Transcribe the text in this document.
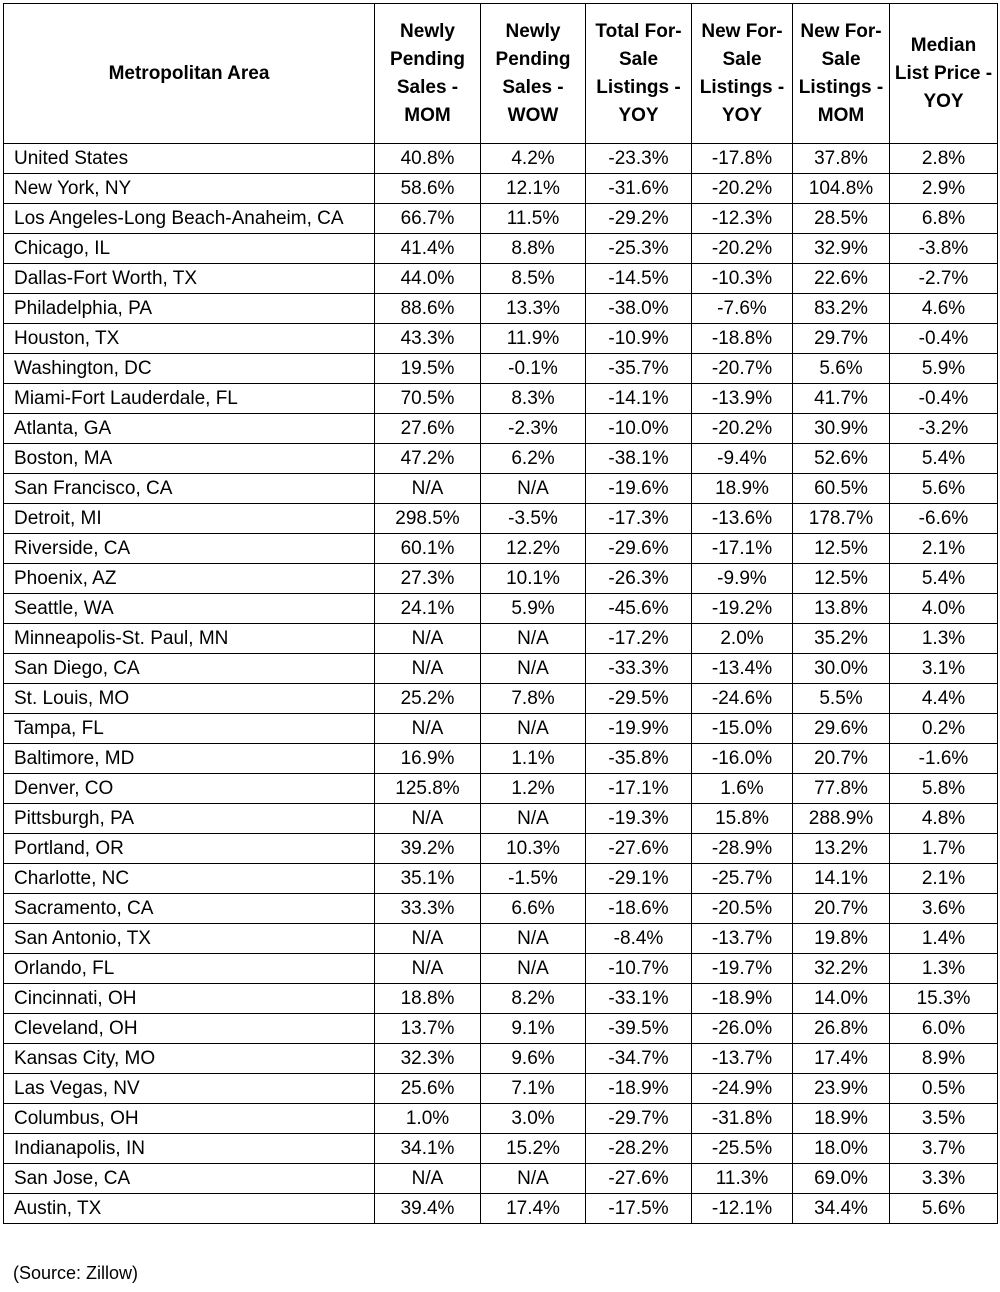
Metropolitan Area	Newly Pending Sales - MOM	Newly Pending Sales - WOW	Total For-Sale Listings - YOY	New For-Sale Listings - YOY	New For-Sale Listings - MOM	Median List Price - YOY
United States	40.8%	4.2%	-23.3%	-17.8%	37.8%	2.8%
New York, NY	58.6%	12.1%	-31.6%	-20.2%	104.8%	2.9%
Los Angeles-Long Beach-Anaheim, CA	66.7%	11.5%	-29.2%	-12.3%	28.5%	6.8%
Chicago, IL	41.4%	8.8%	-25.3%	-20.2%	32.9%	-3.8%
Dallas-Fort Worth, TX	44.0%	8.5%	-14.5%	-10.3%	22.6%	-2.7%
Philadelphia, PA	88.6%	13.3%	-38.0%	-7.6%	83.2%	4.6%
Houston, TX	43.3%	11.9%	-10.9%	-18.8%	29.7%	-0.4%
Washington, DC	19.5%	-0.1%	-35.7%	-20.7%	5.6%	5.9%
Miami-Fort Lauderdale, FL	70.5%	8.3%	-14.1%	-13.9%	41.7%	-0.4%
Atlanta, GA	27.6%	-2.3%	-10.0%	-20.2%	30.9%	-3.2%
Boston, MA	47.2%	6.2%	-38.1%	-9.4%	52.6%	5.4%
San Francisco, CA	N/A	N/A	-19.6%	18.9%	60.5%	5.6%
Detroit, MI	298.5%	-3.5%	-17.3%	-13.6%	178.7%	-6.6%
Riverside, CA	60.1%	12.2%	-29.6%	-17.1%	12.5%	2.1%
Phoenix, AZ	27.3%	10.1%	-26.3%	-9.9%	12.5%	5.4%
Seattle, WA	24.1%	5.9%	-45.6%	-19.2%	13.8%	4.0%
Minneapolis-St. Paul, MN	N/A	N/A	-17.2%	2.0%	35.2%	1.3%
San Diego, CA	N/A	N/A	-33.3%	-13.4%	30.0%	3.1%
St. Louis, MO	25.2%	7.8%	-29.5%	-24.6%	5.5%	4.4%
Tampa, FL	N/A	N/A	-19.9%	-15.0%	29.6%	0.2%
Baltimore, MD	16.9%	1.1%	-35.8%	-16.0%	20.7%	-1.6%
Denver, CO	125.8%	1.2%	-17.1%	1.6%	77.8%	5.8%
Pittsburgh, PA	N/A	N/A	-19.3%	15.8%	288.9%	4.8%
Portland, OR	39.2%	10.3%	-27.6%	-28.9%	13.2%	1.7%
Charlotte, NC	35.1%	-1.5%	-29.1%	-25.7%	14.1%	2.1%
Sacramento, CA	33.3%	6.6%	-18.6%	-20.5%	20.7%	3.6%
San Antonio, TX	N/A	N/A	-8.4%	-13.7%	19.8%	1.4%
Orlando, FL	N/A	N/A	-10.7%	-19.7%	32.2%	1.3%
Cincinnati, OH	18.8%	8.2%	-33.1%	-18.9%	14.0%	15.3%
Cleveland, OH	13.7%	9.1%	-39.5%	-26.0%	26.8%	6.0%
Kansas City, MO	32.3%	9.6%	-34.7%	-13.7%	17.4%	8.9%
Las Vegas, NV	25.6%	7.1%	-18.9%	-24.9%	23.9%	0.5%
Columbus, OH	1.0%	3.0%	-29.7%	-31.8%	18.9%	3.5%
Indianapolis, IN	34.1%	15.2%	-28.2%	-25.5%	18.0%	3.7%
San Jose, CA	N/A	N/A	-27.6%	11.3%	69.0%	3.3%
Austin, TX	39.4%	17.4%	-17.5%	-12.1%	34.4%	5.6%
(Source: Zillow)
